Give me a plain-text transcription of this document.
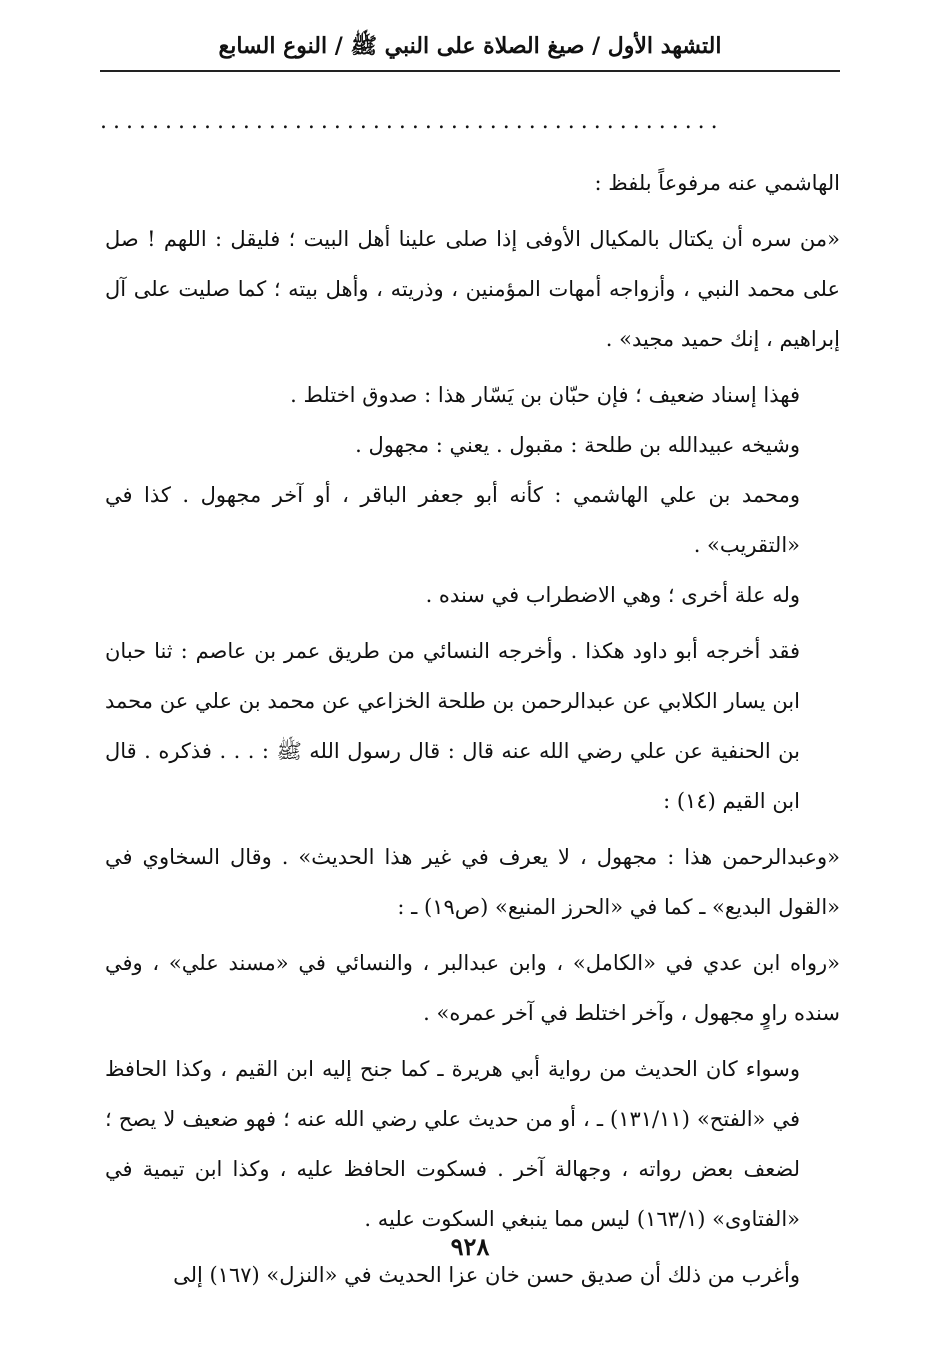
التشهد الأول / صيغ الصلاة على النبي ﷺ / النوع السابع
................................................

الهاشمي عنه مرفوعاً بلفظ :

«من سره أن يكتال بالمكيال الأوفى إذا صلى علينا أهل البيت ؛ فليقل : اللهم ! صل على محمد النبي ، وأزواجه أمهات المؤمنين ، وذريته ، وأهل بيته ؛ كما صليت على آل إبراهيم ، إنك حميد مجيد» .

فهذا إسناد ضعيف ؛ فإن حبّان بن يَسّار هذا : صدوق اختلط .

وشيخه عبيدالله بن طلحة : مقبول . يعني : مجهول .

ومحمد بن علي الهاشمي : كأنه أبو جعفر الباقر ، أو آخر مجهول . كذا في «التقريب» .

وله علة أخرى ؛ وهي الاضطراب في سنده .

فقد أخرجه أبو داود هكذا . وأخرجه النسائي من طريق عمر بن عاصم : ثنا حبان ابن يسار الكلابي عن عبدالرحمن بن طلحة الخزاعي عن محمد بن علي عن محمد بن الحنفية عن علي رضي الله عنه قال : قال رسول الله ﷺ : . . . فذكره . قال ابن القيم (١٤) :

«وعبدالرحمن هذا : مجهول ، لا يعرف في غير هذا الحديث» . وقال السخاوي في «القول البديع» ـ كما في «الحرز المنيع» (ص١٩) ـ :

«رواه ابن عدي في «الكامل» ، وابن عبدالبر ، والنسائي في «مسند علي» ، وفي سنده راوٍ مجهول ، وآخر اختلط في آخر عمره» .

وسواء كان الحديث من رواية أبي هريرة ـ كما جنح إليه ابن القيم ، وكذا الحافظ في «الفتح» (١٣١/١١) ـ ، أو من حديث علي رضي الله عنه ؛ فهو ضعيف لا يصح ؛ لضعف بعض رواته ، وجهالة آخر . فسكوت الحافظ عليه ، وكذا ابن تيمية في «الفتاوى» (١٦٣/١) ليس مما ينبغي السكوت عليه .

وأغرب من ذلك أن صديق حسن خان عزا الحديث في «النزل» (١٦٧) إلى

٩٢٨
